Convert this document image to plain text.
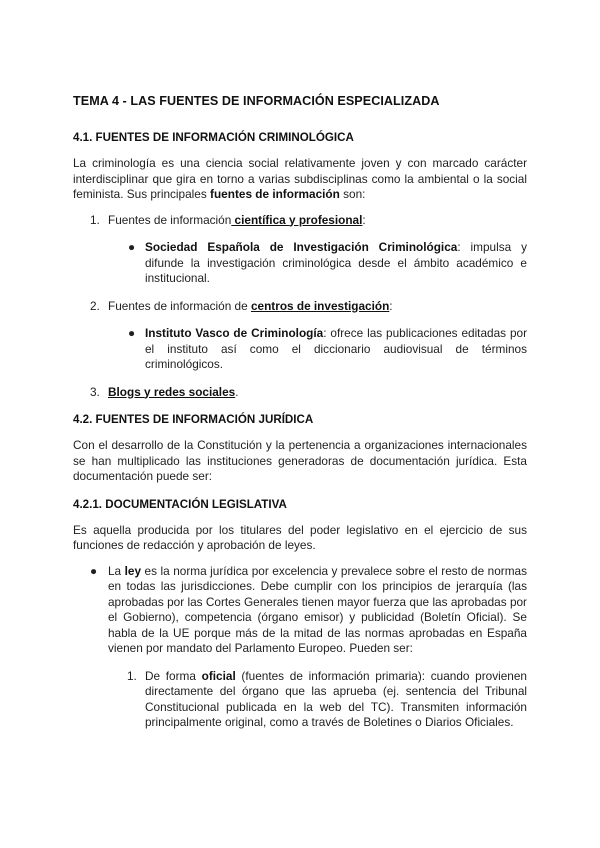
TEMA 4 - LAS FUENTES DE INFORMACIÓN ESPECIALIZADA
4.1. FUENTES DE INFORMACIÓN CRIMINOLÓGICA

La criminología es una ciencia social relativamente joven y con marcado carácter interdisciplinar que gira en torno a varias subdisciplinas como la ambiental o la social feminista. Sus principales fuentes de información son:

1. Fuentes de información científica y profesional:
● Sociedad Española de Investigación Criminológica: impulsa y difunde la investigación criminológica desde el ámbito académico e institucional.
2. Fuentes de información de centros de investigación:
● Instituto Vasco de Criminología: ofrece las publicaciones editadas por el instituto así como el diccionario audiovisual de términos criminológicos.
3. Blogs y redes sociales.
4.2. FUENTES DE INFORMACIÓN JURÍDICA

Con el desarrollo de la Constitución y la pertenencia a organizaciones internacionales se han multiplicado las instituciones generadoras de documentación jurídica. Esta documentación puede ser:

4.2.1. DOCUMENTACIÓN LEGISLATIVA

Es aquella producida por los titulares del poder legislativo en el ejercicio de sus funciones de redacción y aprobación de leyes.

● La ley es la norma jurídica por excelencia y prevalece sobre el resto de normas en todas las jurisdicciones. Debe cumplir con los principios de jerarquía (las aprobadas por las Cortes Generales tienen mayor fuerza que las aprobadas por el Gobierno), competencia (órgano emisor) y publicidad (Boletín Oficial). Se habla de la UE porque más de la mitad de las normas aprobadas en España vienen por mandato del Parlamento Europeo. Pueden ser:
1. De forma oficial (fuentes de información primaria): cuando provienen directamente del órgano que las aprueba (ej. sentencia del Tribunal Constitucional publicada en la web del TC). Transmiten información principalmente original, como a través de Boletines o Diarios Oficiales.
